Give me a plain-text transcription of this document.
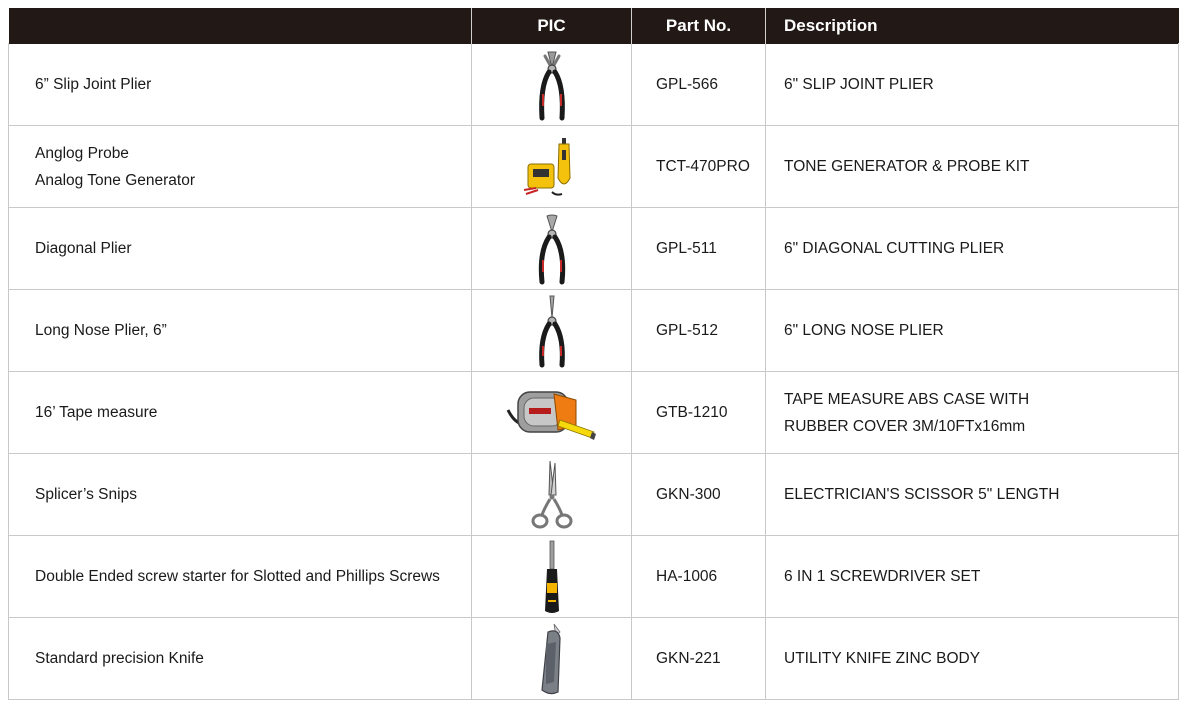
	PIC	Part No.	Description

6” Slip Joint Plier		GPL-566	6" SLIP JOINT PLIER

Anglog Probe
Analog Tone Generator		TCT-470PRO	TONE GENERATOR & PROBE KIT

Diagonal Plier		GPL-511	6" DIAGONAL CUTTING PLIER

Long Nose Plier, 6”		GPL-512	6" LONG NOSE PLIER

16’ Tape measure		GTB-1210	TAPE MEASURE ABS CASE WITH
RUBBER COVER 3M/10FTx16mm

Splicer’s Snips		GKN-300	ELECTRICIAN'S SCISSOR 5" LENGTH

Double Ended screw starter for Slotted and Phillips Screws		HA-1006	6 IN 1 SCREWDRIVER SET

Standard precision Knife		GKN-221	UTILITY KNIFE ZINC BODY
